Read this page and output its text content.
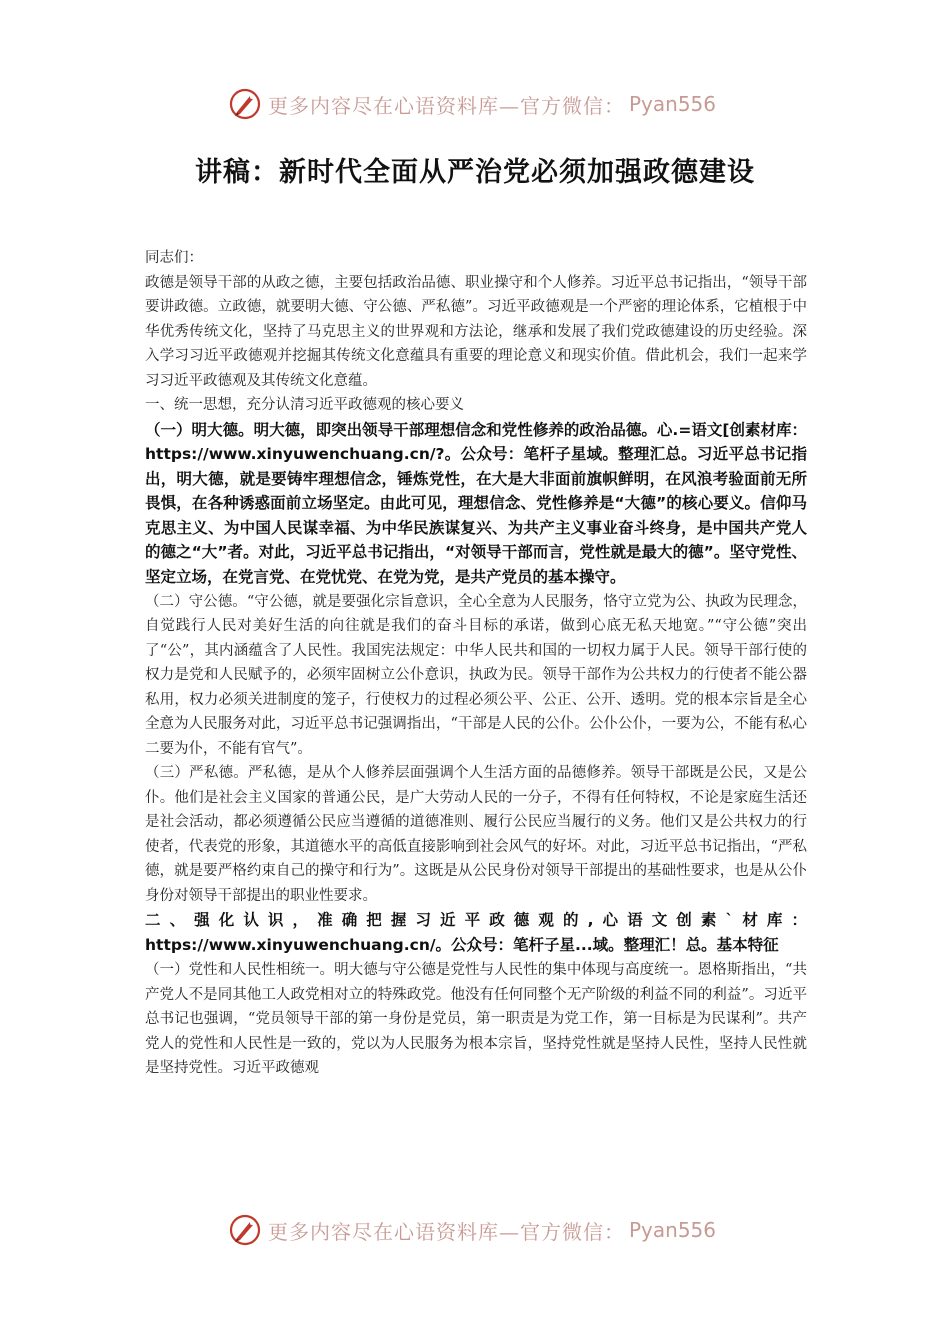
更多内容尽在心语资料库—官方微信： Pyan556
讲稿：新时代全面从严治党必须加强政德建设

同志们：

政德是领导干部的从政之德，主要包括政治品德、职业操守和个人修养。习近平总书记指出，“领导干部要讲政德。立政德，就要明大德、守公德、严私德”。习近平政德观是一个严密的理论体系，它植根于中华优秀传统文化，坚持了马克思主义的世界观和方法论，继承和发展了我们党政德建设的历史经验。深入学习习近平政德观并挖掘其传统文化意蕴具有重要的理论意义和现实价值。借此机会，我们一起来学习习近平政德观及其传统文化意蕴。

一、统一思想，充分认清习近平政德观的核心要义

（一）明大德。明大德，即突出领导干部理想信念和党性修养的政治品德。心.=语文[创素材库：https://www.xinyuwenchuang.cn/?。公众号：笔杆子星域。整理汇总。习近平总书记指出，明大德，就是要铸牢理想信念，锤炼党性，在大是大非面前旗帜鲜明，在风浪考验面前无所畏惧，在各种诱惑面前立场坚定。由此可见，理想信念、党性修养是“大德”的核心要义。信仰马克思主义、为中国人民谋幸福、为中华民族谋复兴、为共产主义事业奋斗终身，是中国共产党人的德之“大”者。对此，习近平总书记指出，“对领导干部而言，党性就是最大的德”。坚守党性、坚定立场，在党言党、在党忧党、在党为党，是共产党员的基本操守。

（二）守公德。“守公德，就是要强化宗旨意识，全心全意为人民服务，恪守立党为公、执政为民理念，自觉践行人民对美好生活的向往就是我们的奋斗目标的承诺，做到心底无私天地宽。”“守公德”突出了“公”，其内涵蕴含了人民性。我国宪法规定：中华人民共和国的一切权力属于人民。领导干部行使的权力是党和人民赋予的，必须牢固树立公仆意识，执政为民。领导干部作为公共权力的行使者不能公器私用，权力必须关进制度的笼子，行使权力的过程必须公平、公正、公开、透明。党的根本宗旨是全心全意为人民服务对此，习近平总书记强调指出，“干部是人民的公仆。公仆公仆，一要为公，不能有私心二要为仆，不能有官气”。

（三）严私德。严私德，是从个人修养层面强调个人生活方面的品德修养。领导干部既是公民，又是公仆。他们是社会主义国家的普通公民，是广大劳动人民的一分子，不得有任何特权，不论是家庭生活还是社会活动，都必须遵循公民应当遵循的道德准则、履行公民应当履行的义务。他们又是公共权力的行使者，代表党的形象，其道德水平的高低直接影响到社会风气的好坏。对此，习近平总书记指出，“严私德，就是要严格约束自己的操守和行为”。这既是从公民身份对领导干部提出的基础性要求，也是从公仆身份对领导干部提出的职业性要求。

二、强化认识，准确把握习近平政德观的,心语文创素`材库：https://www.xinyuwenchuang.cn/。公众号：笔杆子星...域。整理汇！总。基本特征

（一）党性和人民性相统一。明大德与守公德是党性与人民性的集中体现与高度统一。恩格斯指出，“共产党人不是同其他工人政党相对立的特殊政党。他没有任何同整个无产阶级的利益不同的利益”。习近平总书记也强调，“党员领导干部的第一身份是党员，第一职责是为党工作，第一目标是为民谋利”。共产党人的党性和人民性是一致的，党以为人民服务为根本宗旨，坚持党性就是坚持人民性，坚持人民性就是坚持党性。习近平政德观

更多内容尽在心语资料库—官方微信： Pyan556
